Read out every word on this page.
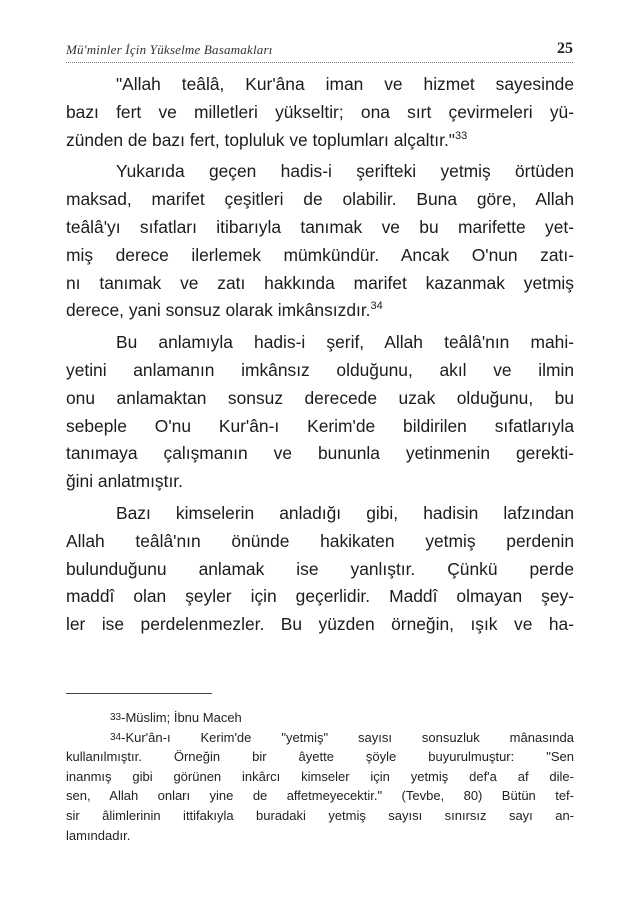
Mü'minler İçin Yükselme Basamakları	25

"Allah teâlâ, Kur'âna iman ve hizmet sayesinde
bazı fert ve milletleri yükseltir; ona sırt çevirmeleri yü-
zünden de bazı fert, topluluk ve toplumları alçaltır."$^{33}$

Yukarıda geçen hadis-i şerifteki yetmiş örtüden
maksad, marifet çeşitleri de olabilir. Buna göre, Allah
teâlâ'yı sıfatları itibarıyla tanımak ve bu marifette yet-
miş derece ilerlemek mümkündür. Ancak O'nun zatı-
nı tanımak ve zatı hakkında marifet kazanmak yetmiş
derece, yani sonsuz olarak imkânsızdır.$^{34}$

Bu anlamıyla hadis-i şerif, Allah teâlâ'nın mahi-
yetini anlamanın imkânsız olduğunu, akıl ve ilmin
onu anlamaktan sonsuz derecede uzak olduğunu, bu
sebeple O'nu Kur'ân-ı Kerim'de bildirilen sıfatlarıyla
tanımaya çalışmanın ve bununla yetinmenin gerekti-
ğini anlatmıştır.

Bazı kimselerin anladığı gibi, hadisin lafzından
Allah teâlâ'nın önünde hakikaten yetmiş perdenin
bulunduğunu anlamak ise yanlıştır. Çünkü perde
maddî olan şeyler için geçerlidir. Maddî olmayan şey-
ler ise perdelenmezler. Bu yüzden örneğin, ışık ve ha-

33-Müslim; İbnu Maceh
34-Kur'ân-ı Kerim'de "yetmiş" sayısı sonsuzluk mânasında
kullanılmıştır. Örneğin bir âyette şöyle buyurulmuştur: "Sen
inanmış gibi görünen inkârcı kimseler için yetmiş def'a af dile-
sen, Allah onları yine de affetmeyecektir." (Tevbe, 80) Bütün tef-
sir âlimlerinin ittifakıyla buradaki yetmiş sayısı sınırsız sayı an-
lamındadır.
